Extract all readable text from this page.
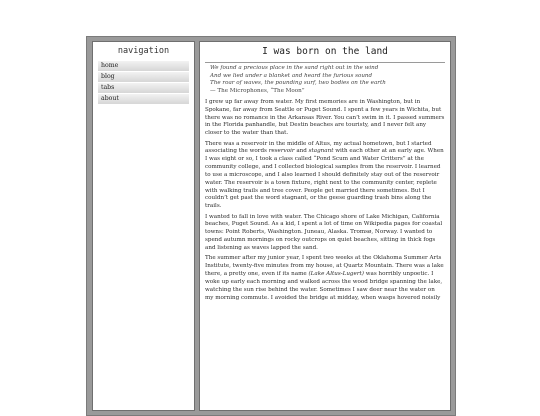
navigation
home
blog
tabs
about
I was born on the land
We found a precious place in the sand right out in the wind
And we lied under a blanket and heard the furious sound
The roar of waves, the pounding surf, two bodies on the earth
— The Microphones, “The Moon”

I grew up far away from water. My first memories are in Washington, but in Spokane, far away from Seattle or Puget Sound. I spent a few years in Wichita, but there was no romance in the Arkansas River. You can’t swim in it. I passed summers in the Florida panhandle, but Destin beaches are touristy, and I never felt any closer to the water than that.

There was a reservoir in the middle of Altus, my actual hometown, but I started associating the words reservoir and stagnant with each other at an early age. When I was eight or so, I took a class called “Pond Scum and Water Critters” at the community college, and I collected biological samples from the reservoir. I learned to use a microscope, and I also learned I should definitely stay out of the reservoir water. The reservoir is a town fixture, right next to the community center, replete with walking trails and tree cover. People get married there sometimes. But I couldn’t get past the word stagnant, or the geese guarding trash bins along the trails.

I wanted to fall in love with water. The Chicago shore of Lake Michigan, California beaches, Puget Sound. As a kid, I spent a lot of time on Wikipedia pages for coastal towns: Point Roberts, Washington. Juneau, Alaska. Tromsø, Norway. I wanted to spend autumn mornings on rocky outcrops on quiet beaches, sitting in thick fogs and listening as waves lapped the sand.

The summer after my junior year, I spent two weeks at the Oklahoma Summer Arts Institute, twenty-five minutes from my house, at Quartz Mountain. There was a lake there, a pretty one, even if its name (Lake Altus-Lugert) was horribly unpoetic. I woke up early each morning and walked across the wood bridge spanning the lake, watching the sun rise behind the water. Sometimes I saw deer near the water on my morning commute. I avoided the bridge at midday, when wasps hovered noisily
